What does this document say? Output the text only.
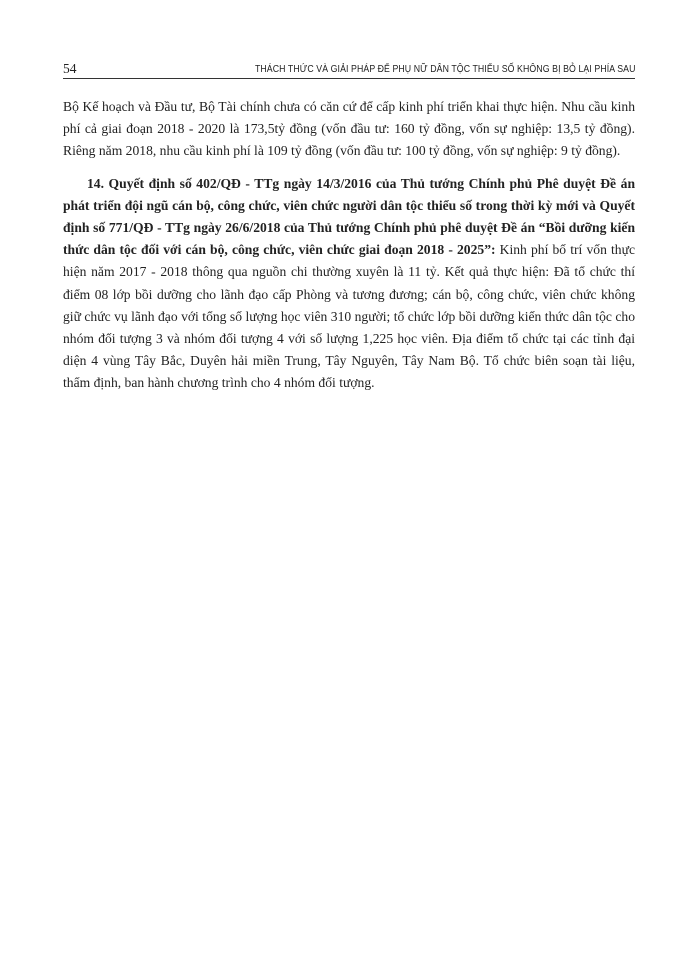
54	THÁCH THỨC VÀ GIẢI PHÁP ĐỂ PHỤ NỮ DÂN TỘC THIỂU SỐ KHÔNG BỊ BỎ LẠI PHÍA SAU

Bộ Kế hoạch và Đầu tư, Bộ Tài chính chưa có căn cứ để cấp kinh phí triển khai thực hiện. Nhu cầu kinh phí cả giai đoạn 2018 - 2020 là 173,5tỷ đồng (vốn đầu tư: 160 tỷ đồng, vốn sự nghiệp: 13,5 tỷ đồng). Riêng năm 2018, nhu cầu kinh phí là 109 tỷ đồng (vốn đầu tư: 100 tỷ đồng, vốn sự nghiệp: 9 tỷ đồng).

14. Quyết định số 402/QĐ - TTg ngày 14/3/2016 của Thủ tướng Chính phủ Phê duyệt Đề án phát triển đội ngũ cán bộ, công chức, viên chức người dân tộc thiểu số trong thời kỳ mới và Quyết định số 771/QĐ - TTg ngày 26/6/2018 của Thủ tướng Chính phủ phê duyệt Đề án “Bồi dưỡng kiến thức dân tộc đối với cán bộ, công chức, viên chức giai đoạn 2018 - 2025”: Kinh phí bố trí vốn thực hiện năm 2017 - 2018 thông qua nguồn chi thường xuyên là 11 tỷ. Kết quả thực hiện: Đã tổ chức thí điểm 08 lớp bồi dưỡng cho lãnh đạo cấp Phòng và tương đương; cán bộ, công chức, viên chức không giữ chức vụ lãnh đạo với tổng số lượng học viên 310 người; tổ chức lớp bồi dưỡng kiến thức dân tộc cho nhóm đối tượng 3 và nhóm đối tượng 4 với số lượng 1,225 học viên. Địa điểm tổ chức tại các tỉnh đại diện 4 vùng Tây Bắc, Duyên hải miền Trung, Tây Nguyên, Tây Nam Bộ. Tổ chức biên soạn tài liệu, thẩm định, ban hành chương trình cho 4 nhóm đối tượng.
